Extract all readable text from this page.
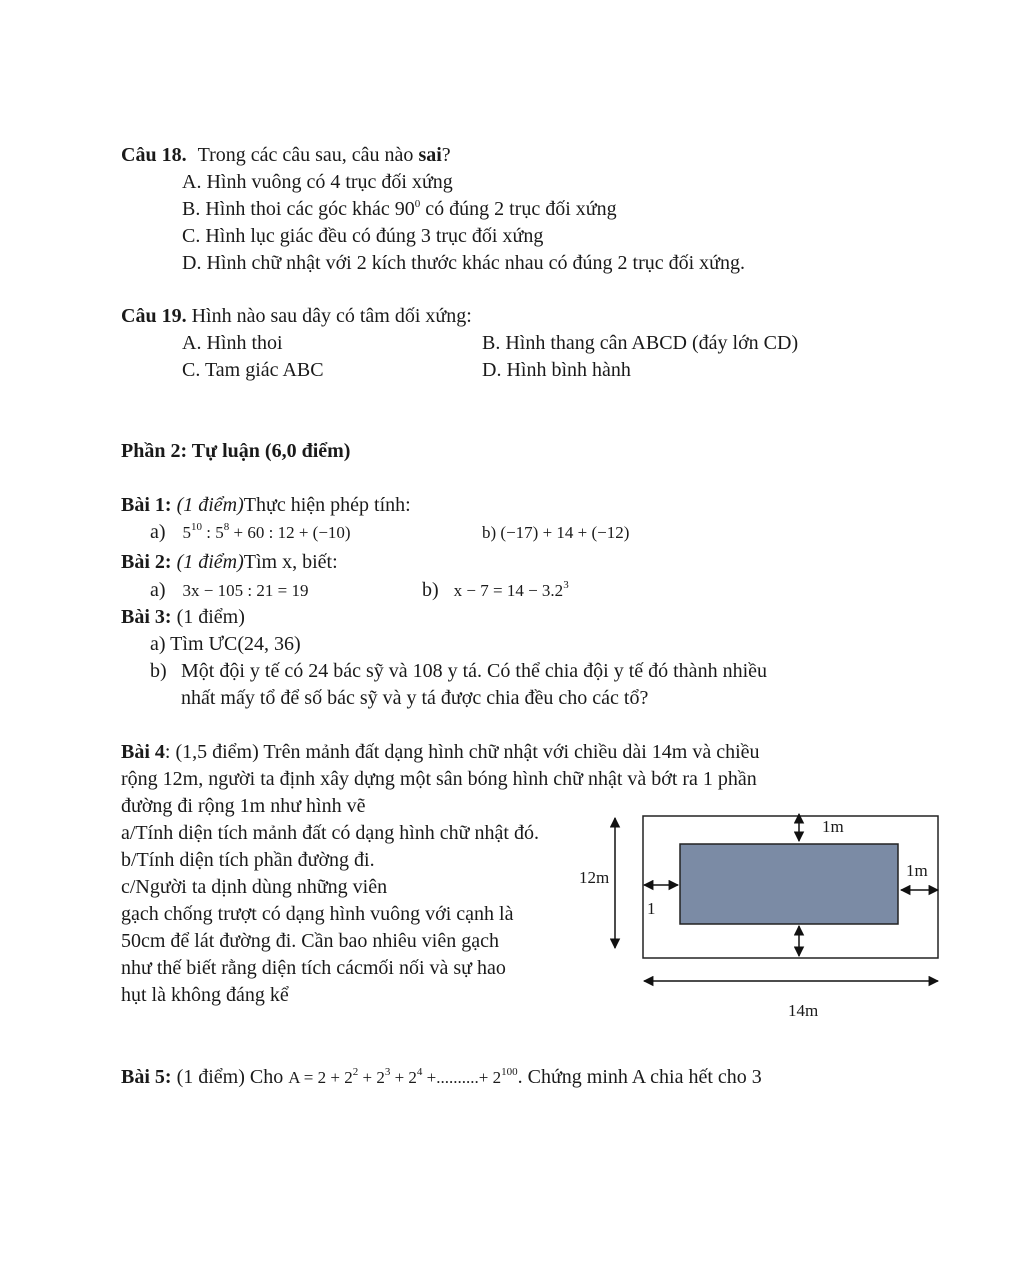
Câu 18. Trong các câu sau, câu nào sai?
A. Hình vuông có 4 trục đối xứng
B. Hình thoi các góc khác $90^0$ có đúng 2 trục đối xứng
C. Hình lục giác đều có đúng 3 trục đối xứng
D. Hình chữ nhật với 2 kích thước khác nhau có đúng 2 trục đối xứng.
Câu 19. Hình nào sau dây có tâm dối xứng:
A. Hình thoi	B. Hình thang cân ABCD (đáy lớn CD)
C. Tam giác ABC	D. Hình bình hành
Phần 2: Tự luận (6,0 điểm)
Bài 1: (1 điểm)Thực hiện phép tính:
a) $5^{10}$ : $5^8 + 60$ : 12 + (−10)	b) (−17) + 14 + (−12)
Bài 2: (1 điểm)Tìm x, biết:
a) 3x − 105 : 21 = 19	b) $x - 7 = 14 - 3.2^3$
Bài 3: (1 điểm)
a) Tìm ƯC(24, 36)
b) Một đội y tế có 24 bác sỹ và 108 y tá. Có thể chia đội y tế đó thành nhiều
nhất mấy tổ để số bác sỹ và y tá được chia đều cho các tổ?
Bài 4: (1,5 điểm) Trên mảnh đất dạng hình chữ nhật với chiều dài 14m và chiều
rộng 12m, người ta định xây dựng một sân bóng hình chữ nhật và bớt ra 1 phần
đường đi rộng 1m như hình vẽ
a/Tính diện tích mảnh đất có dạng hình chữ nhật đó.
b/Tính diện tích phần đường đi.
c/Người ta dịnh dùng những viên
gạch chống trượt có dạng hình vuông với cạnh là
50cm để lát đường đi. Cần bao nhiêu viên gạch
như thế biết rằng diện tích cácmối nối và sự hao
hụt là không đáng kể
1m
1m
1
12m
14m
Bài 5: (1 điểm) Cho $A = 2 + 2^2 + 2^3 + 2^4$ +..........+ $2^{100}$. Chứng minh A chia hết cho 3
